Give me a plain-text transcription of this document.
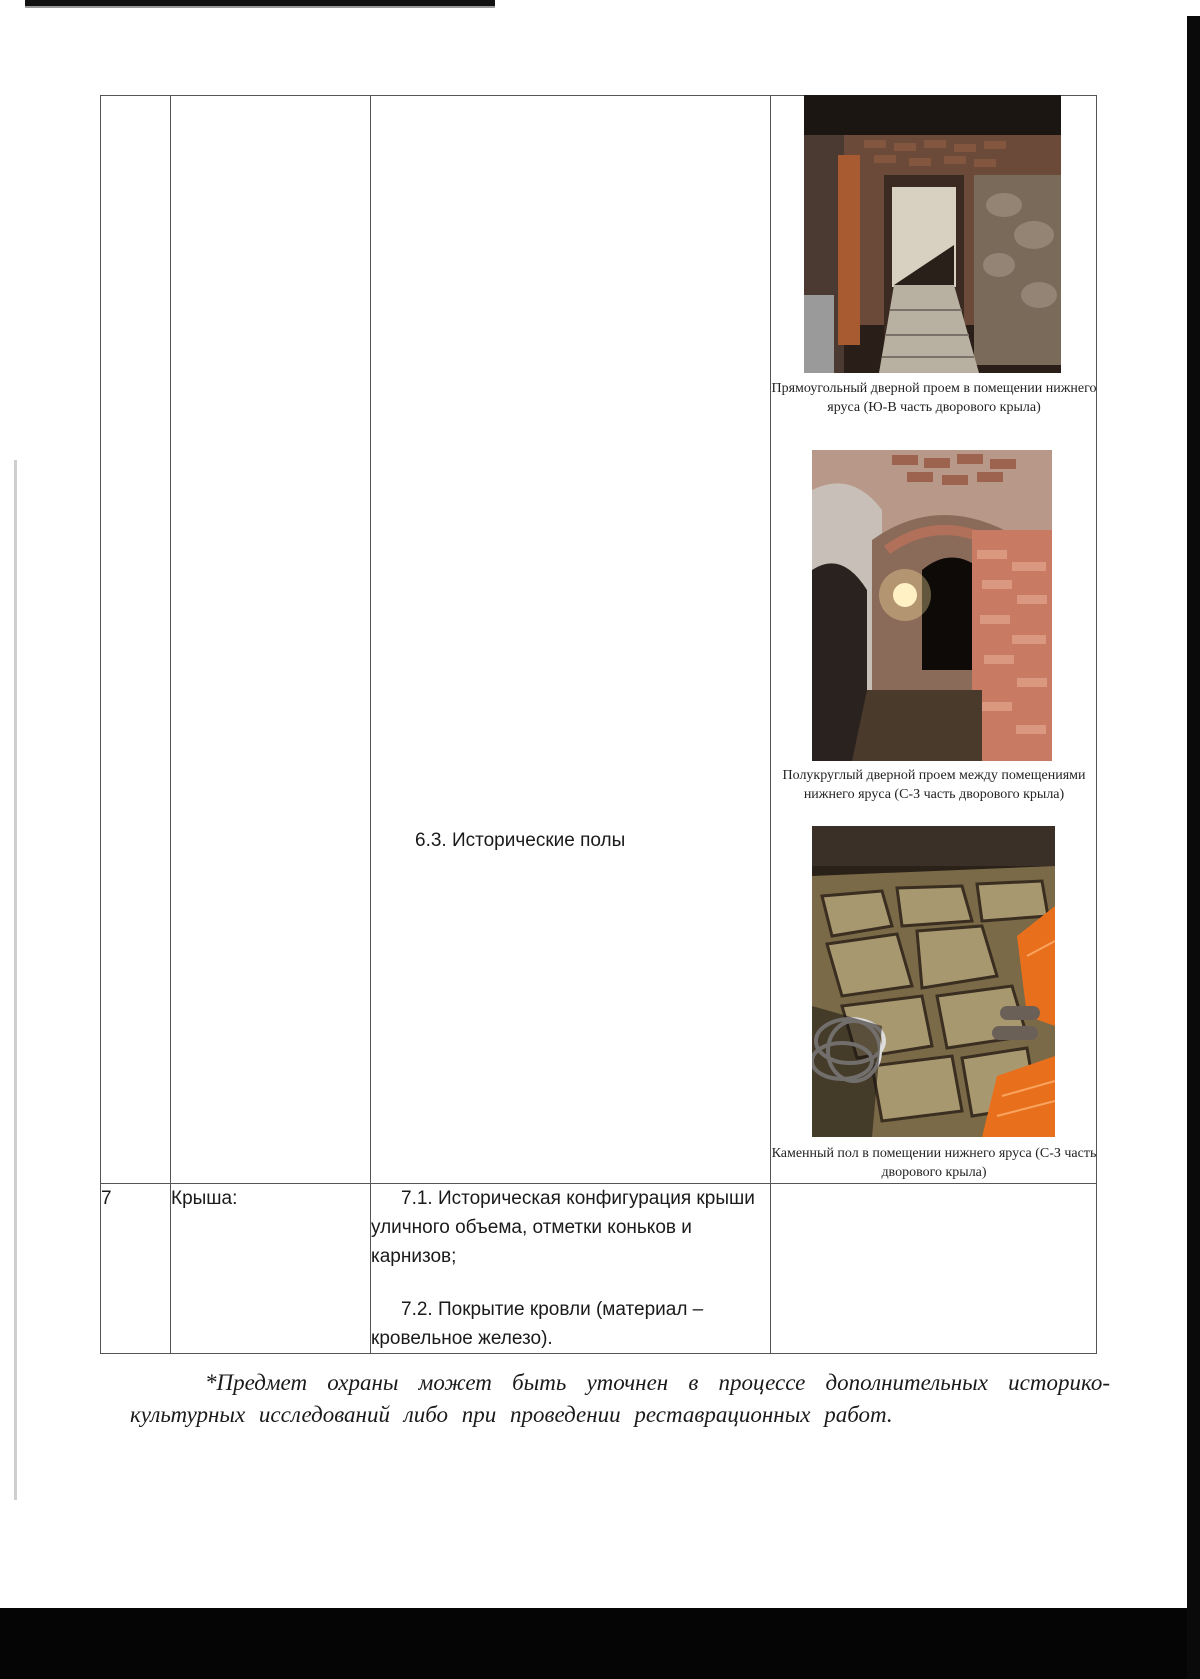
		6.3. Исторические полы	Прямоугольный дверной проем в помещении нижнего яруса (Ю-В часть дворового крыла)
Полукруглый дверной проем между помещениями нижнего яруса (С-З часть дворового крыла)
Каменный пол в помещении нижнего яруса (С-З часть дворового крыла)

7	Крыша:	7.1. Историческая конфигурация крыши уличного объема, отметки коньков и карнизов;

7.2. Покрытие кровли (материал – кровельное железо).	

*Предмет охраны может быть уточнен в процессе дополнительных историко-культурных исследований либо при проведении реставрационных работ.
